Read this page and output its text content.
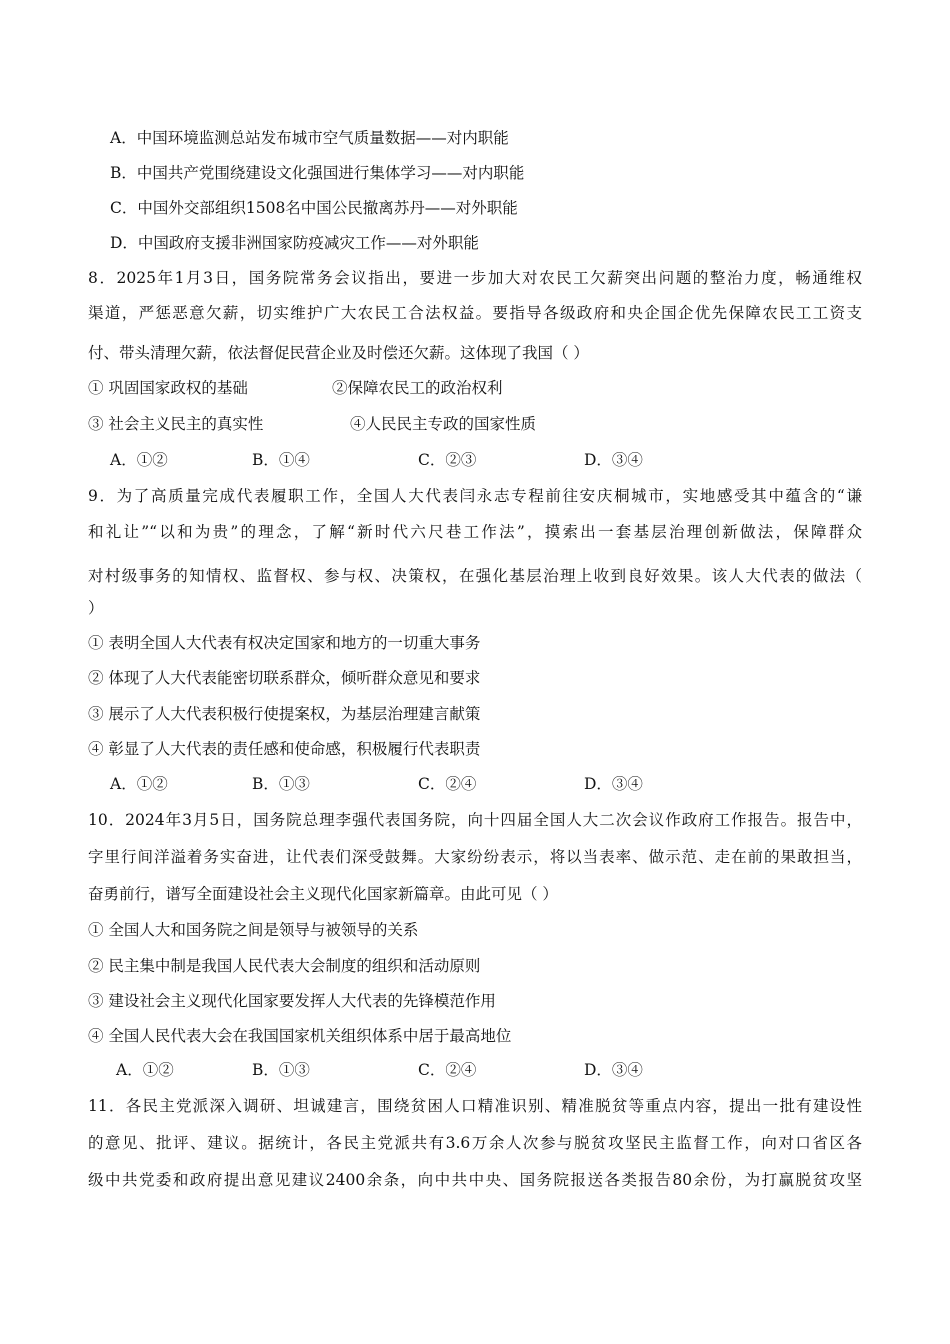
A．中国环境监测总站发布城市空气质量数据——对内职能
B．中国共产党围绕建设文化强国进行集体学习——对内职能
C．中国外交部组织1508名中国公民撤离苏丹——对外职能
D．中国政府支援非洲国家防疫减灾工作——对外职能
8．2025年1月3日，国务院常务会议指出，要进一步加大对农民工欠薪突出问题的整治力度，畅通维权
渠道，严惩恶意欠薪，切实维护广大农民工合法权益。要指导各级政府和央企国企优先保障农民工工资支
付、带头清理欠薪，依法督促民营企业及时偿还欠薪。这体现了我国（ ）
① 巩固国家政权的基础	②保障农民工的政治权利
③ 社会主义民主的真实性	④人民民主专政的国家性质
A．①②	B．①④	C．②③	D．③④
9．为了高质量完成代表履职工作，全国人大代表闫永志专程前往安庆桐城市，实地感受其中蕴含的“谦
和礼让”“以和为贵”的理念，了解“新时代六尺巷工作法”，摸索出一套基层治理创新做法，保障群众
对村级事务的知情权、监督权、参与权、决策权，在强化基层治理上收到良好效果。该人大代表的做法（
）
① 表明全国人大代表有权决定国家和地方的一切重大事务
② 体现了人大代表能密切联系群众，倾听群众意见和要求
③ 展示了人大代表积极行使提案权，为基层治理建言献策
④ 彰显了人大代表的责任感和使命感，积极履行代表职责
A．①②	B．①③	C．②④	D．③④
10．2024年3月5日，国务院总理李强代表国务院，向十四届全国人大二次会议作政府工作报告。报告中，
字里行间洋溢着务实奋进，让代表们深受鼓舞。大家纷纷表示，将以当表率、做示范、走在前的果敢担当，
奋勇前行，谱写全面建设社会主义现代化国家新篇章。由此可见（ ）
① 全国人大和国务院之间是领导与被领导的关系
② 民主集中制是我国人民代表大会制度的组织和活动原则
③ 建设社会主义现代化国家要发挥人大代表的先锋模范作用
④ 全国人民代表大会在我国国家机关组织体系中居于最高地位
A．①②	B．①③	C．②④	D．③④
11．各民主党派深入调研、坦诚建言，围绕贫困人口精准识别、精准脱贫等重点内容，提出一批有建设性
的意见、批评、建议。据统计，各民主党派共有3.6万余人次参与脱贫攻坚民主监督工作，向对口省区各
级中共党委和政府提出意见建议2400余条，向中共中央、国务院报送各类报告80余份，为打赢脱贫攻坚
